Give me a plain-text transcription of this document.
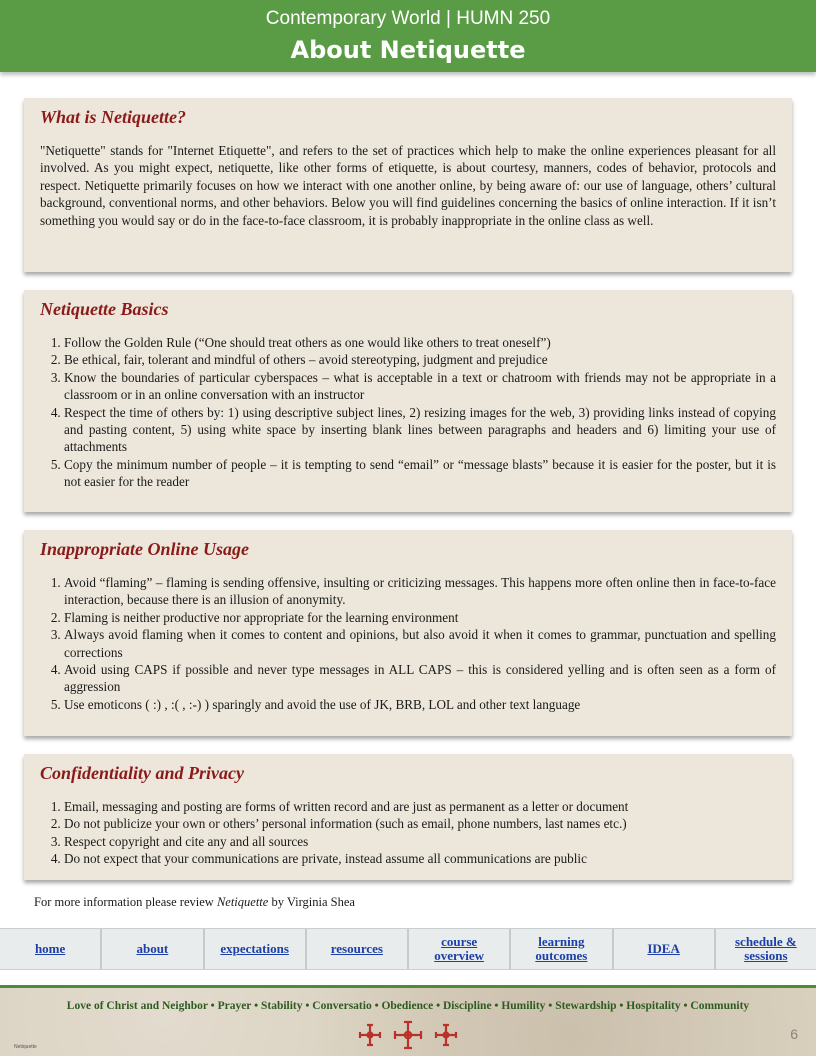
Contemporary World | HUMN 250
About Netiquette
What is Netiquette?

"Netiquette" stands for "Internet Etiquette", and refers to the set of practices which help to make the online experiences pleasant for all involved. As you might expect, netiquette, like other forms of etiquette, is about courtesy, manners, codes of behavior, protocols and respect. Netiquette primarily focuses on how we interact with one another online, by being aware of: our use of language, others’ cultural background, conventional norms, and other behaviors. Below you will find guidelines concerning the basics of online interaction. If it isn’t something you would say or do in the face-to-face classroom, it is probably inappropriate in the online class as well.

Netiquette Basics
1. Follow the Golden Rule (“One should treat others as one would like others to treat oneself”)
2. Be ethical, fair, tolerant and mindful of others – avoid stereotyping, judgment and prejudice
3. Know the boundaries of particular cyberspaces – what is acceptable in a text or chatroom with friends may not be appropriate in a classroom or in an online conversation with an instructor
4. Respect the time of others by: 1) using descriptive subject lines, 2) resizing images for the web, 3) providing links instead of copying and pasting content, 5) using white space by inserting blank lines between paragraphs and headers and 6) limiting your use of attachments
5. Copy the minimum number of people – it is tempting to send “email” or “message blasts” because it is easier for the poster, but it is not easier for the reader
Inappropriate Online Usage
1. Avoid “flaming” – flaming is sending offensive, insulting or criticizing messages. This happens more often online then in face-to-face interaction, because there is an illusion of anonymity.
2. Flaming is neither productive nor appropriate for the learning environment
3. Always avoid flaming when it comes to content and opinions, but also avoid it when it comes to grammar, punctuation and spelling corrections
4. Avoid using CAPS if possible and never type messages in ALL CAPS – this is considered yelling and is often seen as a form of aggression
5. Use emoticons ( :) , :( , :-) ) sparingly and avoid the use of JK, BRB, LOL and other text language
Confidentiality and Privacy
1. Email, messaging and posting are forms of written record and are just as permanent as a letter or document
2. Do not publicize your own or others’ personal information (such as email, phone numbers, last names etc.)
3. Respect copyright and cite any and all sources
4. Do not expect that your communications are private, instead assume all communications are public
For more information please review Netiquette by Virginia Shea
home	about	expectations	resources	course
overview
learning
outcomes	IDEA	schedule &
sessions
Love of Christ and Neighbor • Prayer • Stability • Conversatio • Obedience • Discipline • Humility • Stewardship • Hospitality • Community
6
Netiquette
